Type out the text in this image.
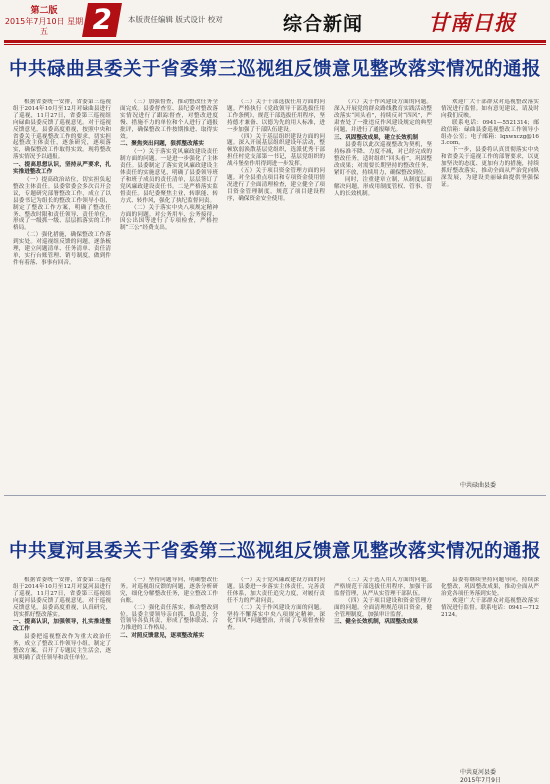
第二版
2015年7月10日 星期五	2	本版责任编辑 版式设计 校对	综合新闻	甘南日报
中共碌曲县委关于省委第三巡视组反馈意见整改落实情况的通报

根据省委统一安排，省委第三巡视组于2014年10月至12月对碌曲县进行了巡视，11月27日，省委第三巡视组向碌曲县委反馈了巡视意见。对于巡视反馈意见，县委高度重视，按照中央和省委关于巡视整改工作的要求，切实担起整改主体责任，逐条研究，逐项落实，确保整改工作取得实效。现将整改落实情况予以通报。

一、提高思想认识，坚持从严要求，扎实推进整改工作

（一）提高政治站位，切实担负起整改主体责任。县委常委会多次召开会议，专题研究部署整改工作，成立了以县委书记为组长的整改工作领导小组，制定了整改工作方案，明确了整改任务、整改时限和责任领导、责任单位，形成了一级抓一级、层层抓落实的工作格局。

（二）强化措施，确保整改工作落到实处。对巡视组反馈的问题，逐条梳理，建立问题清单、任务清单、责任清单，实行台账管理、销号制度，做到件件有着落、事事有回音。

（三）加强督查，推动整改任务全面完成。县委督查室、县纪委对整改落实情况进行了跟踪督查，对整改进度慢、措施不力的单位和个人进行了通报批评，确保整改工作按期推进、取得实效。

二、聚焦突出问题，狠抓整改落实

（一）关于落实党风廉政建设责任制方面的问题。一是进一步强化了主体责任。县委制定了落实党风廉政建设主体责任的实施意见，明确了县委领导班子和班子成员的责任清单，层层签订了党风廉政建设责任书。二是严格落实监督责任。县纪委聚焦主业，转职能、转方式、转作风，强化了执纪监督问责。

（二）关于落实中央八项规定精神方面的问题。对公务用车、公务接待、因公出国等进行了专项检查，严格控制“三公”经费支出。

（三）关于干部选拔任用方面的问题。严格执行《党政领导干部选拔任用工作条例》，规范干部选拔任用程序，坚持德才兼备、以德为先的用人标准，进一步加强了干部队伍建设。

（四）关于基层组织建设方面的问题。深入开展基层组织建设年活动，整顿软弱涣散基层党组织，选派优秀干部担任村党支部第一书记，基层党组织的战斗堡垒作用得到进一步发挥。

（五）关于项目资金管理方面的问题。对全县重点项目和专项资金使用情况进行了全面清理检查，建立健全了项目资金管理制度，规范了项目建设程序，确保资金安全使用。

（六）关于作风建设方面的问题。深入开展党的群众路线教育实践活动整改落实“回头看”，持续反对“四风”，严肃查处了一批违反作风建设规定的典型问题，并进行了通报曝光。

三、巩固整改成果，建立长效机制

县委将以此次巡视整改为契机，坚持标准不降、力度不减，对已经完成的整改任务，适时组织“回头看”，巩固整改成果；对需要长期坚持的整改任务，紧盯不放，持续用力，确保整改到位。

同时，注重建章立制，从制度层面解决问题，形成用制度管权、管事、管人的长效机制。

欢迎广大干部群众对巡视整改落实情况进行监督。如有意见建议，请及时向我们反映。

联系电话：0941—5521314；邮政信箱：碌曲县委巡视整改工作领导小组办公室；电子邮箱：lqxwxczg@163.com。

下一步，县委将认真贯彻落实中央和省委关于巡视工作的部署要求，以更加坚决的态度、更加有力的措施，持续抓好整改落实，推动全面从严治党向纵深发展，为建设美丽碌曲提供坚强保证。

中共碌曲县委
中共夏河县委关于省委第三巡视组反馈意见整改落实情况的通报

根据省委统一安排，省委第三巡视组于2014年10月至12月对夏河县进行了巡视，11月27日，省委第三巡视组向夏河县委反馈了巡视意见。对于巡视反馈意见，县委高度重视，认真研究，切实抓好整改落实。

一、提高认识，加强领导，扎实推进整改工作

县委把巡视整改作为重大政治任务，成立了整改工作领导小组，制定了整改方案，召开了专题民主生活会，逐项明确了责任领导和责任单位。

（一）坚持问题导向，明确整改任务。对巡视组反馈的问题，逐条分析研究，细化分解整改任务，建立整改工作台账。

（二）强化责任落实，推动整改到位。县委主要领导亲自抓、负总责，分管领导各负其责，形成了整体联动、合力推进的工作格局。

二、对照反馈意见，逐项整改落实

（一）关于党风廉政建设方面的问题。县委进一步落实主体责任，完善责任体系，加大责任追究力度，对履行责任不力的严肃问责。

（二）关于作风建设方面的问题。坚持不懈落实中央八项规定精神，深化“四风”问题整治，开展了专项督查检查。

（三）关于选人用人方面的问题。严格规范干部选拔任用程序，加强干部监督管理，从严从实管理干部队伍。

（四）关于项目建设和资金管理方面的问题。全面清理规范项目资金，健全管理制度，加强审计监督。

三、健全长效机制，巩固整改成果

县委将继续坚持问题导向，持续深化整改，巩固整改成果，推动全面从严治党各项任务落到实处。

欢迎广大干部群众对巡视整改落实情况进行监督。联系电话：0941—7122124。

中共夏河县委
2015年7月9日
